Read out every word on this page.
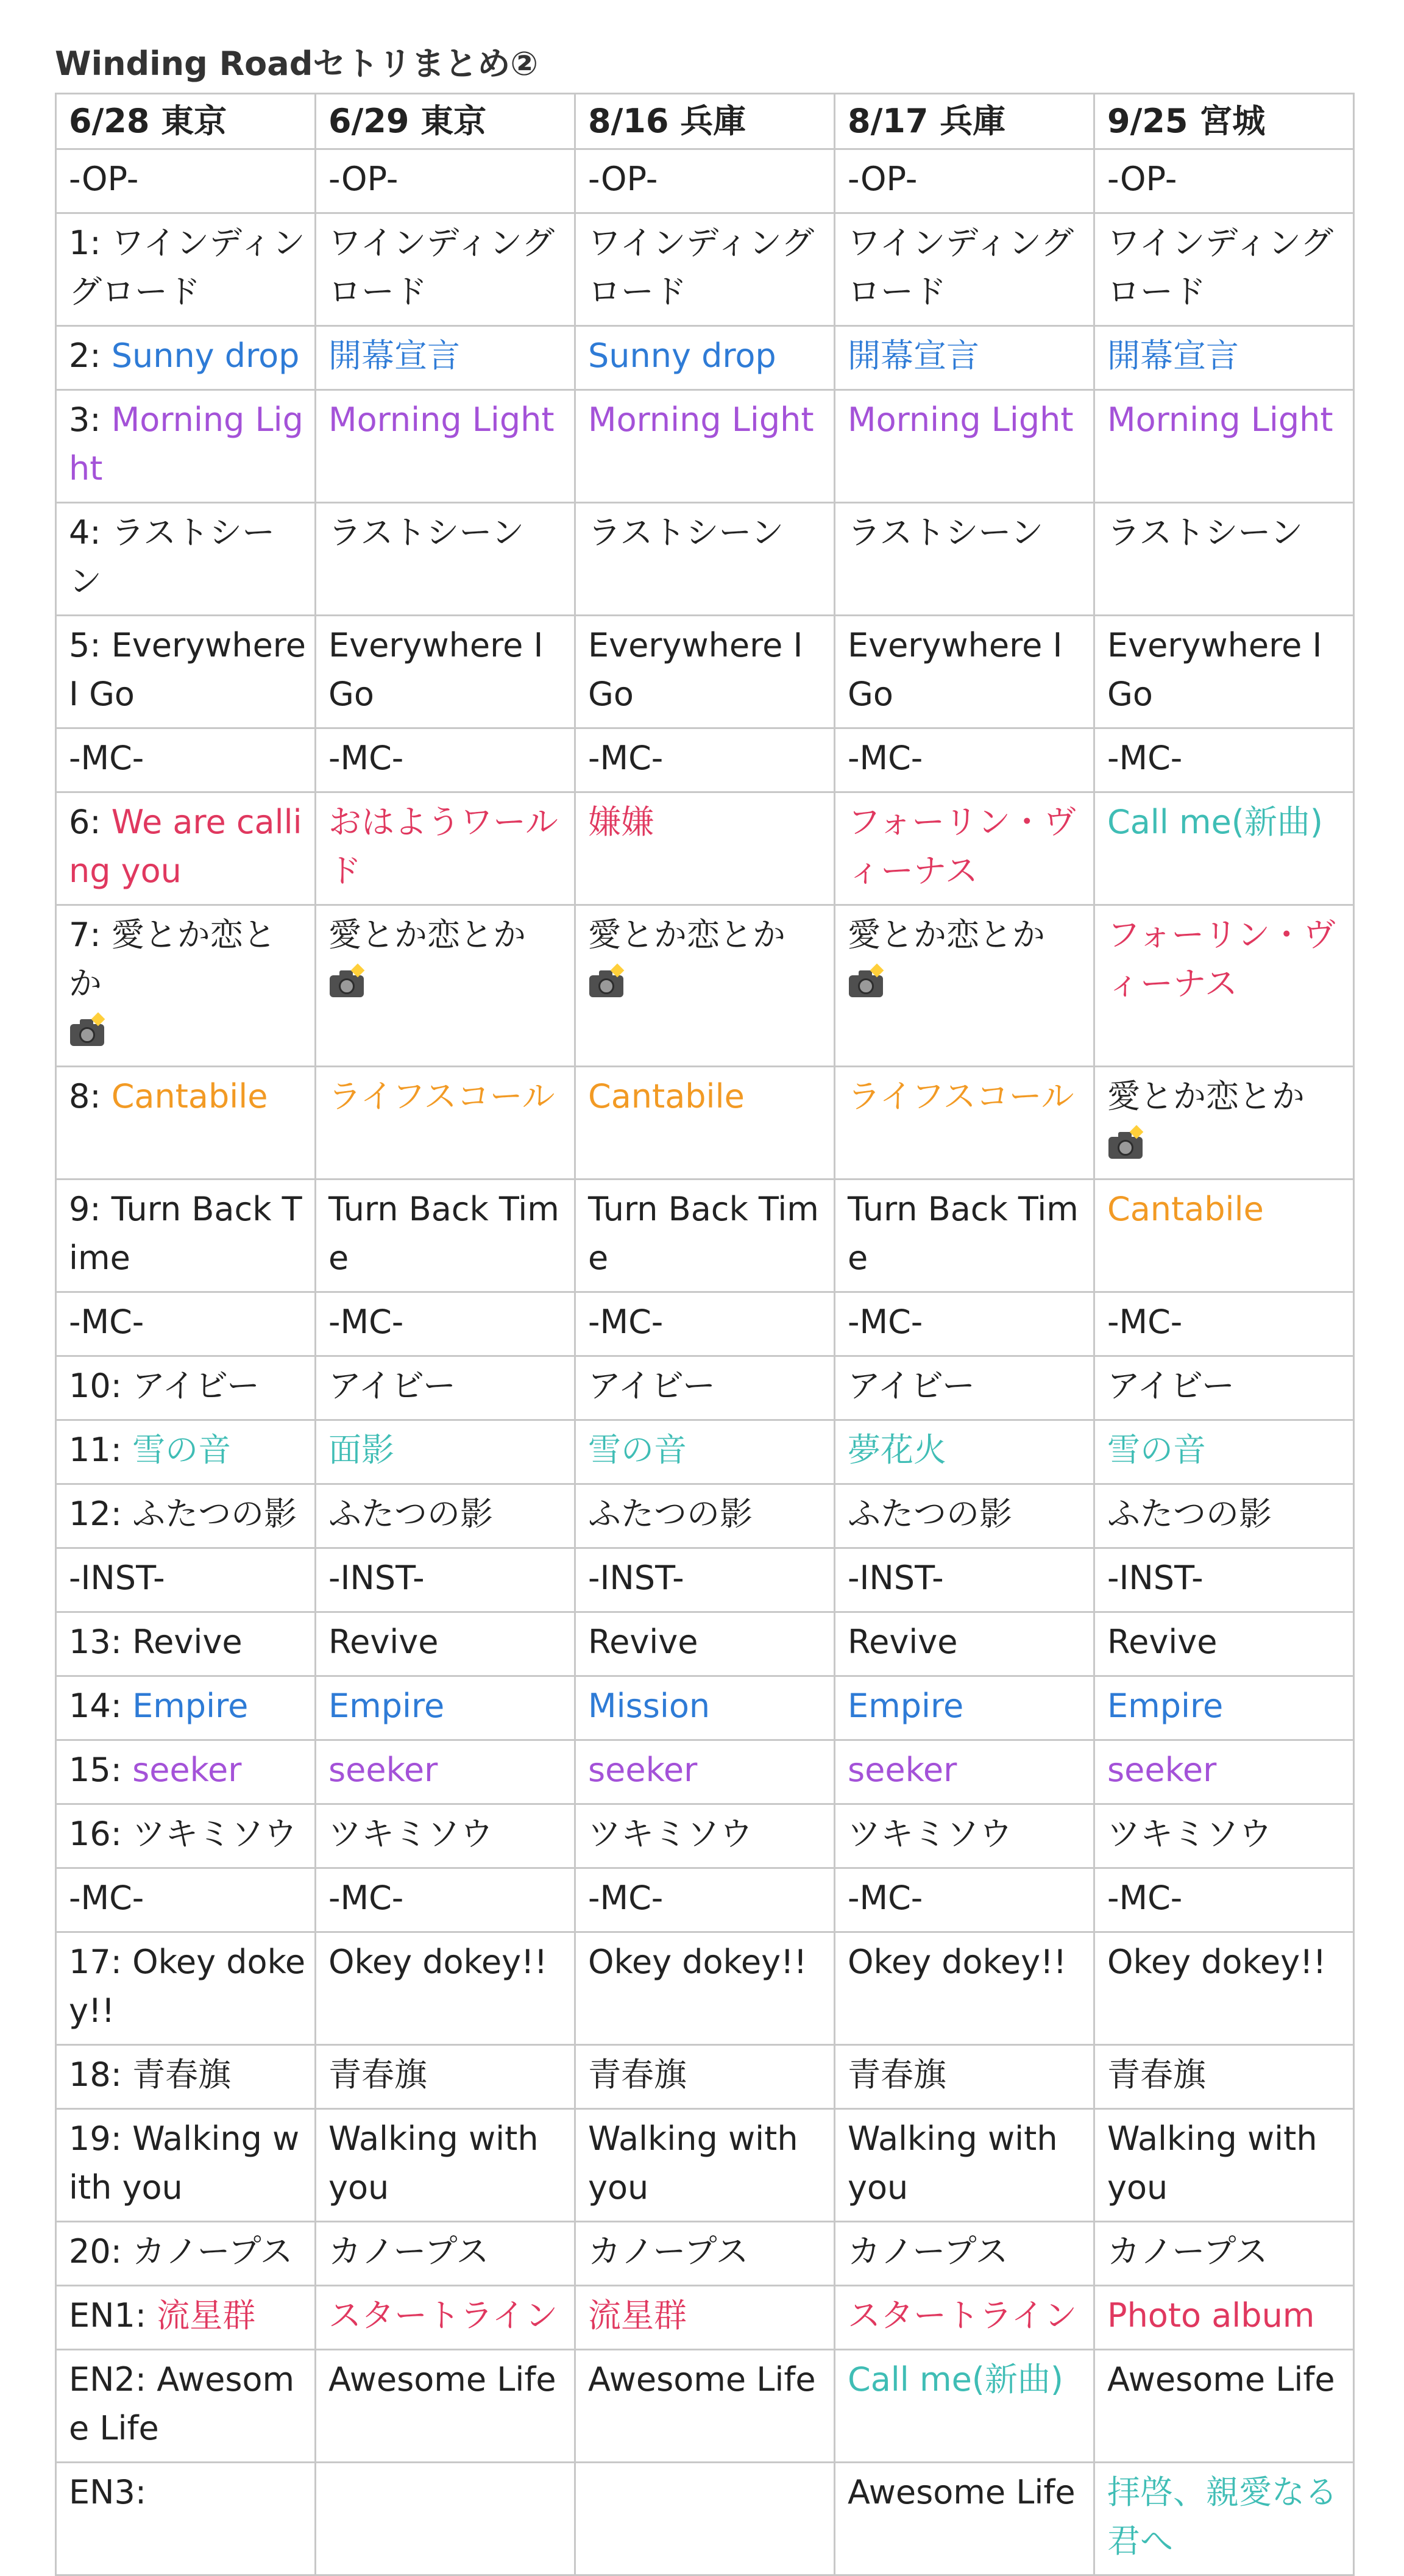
Winding Roadセトリまとめ②
6/28 東京	6/29 東京	8/16 兵庫	8/17 兵庫	9/25 宮城
-OP-	-OP-	-OP-	-OP-	-OP-
1: ワインディングロード	ワインディングロード	ワインディングロード	ワインディングロード	ワインディングロード
2: Sunny drop	開幕宣言	Sunny drop	開幕宣言	開幕宣言
3: Morning Light	Morning Light	Morning Light	Morning Light	Morning Light
4: ラストシーン	ラストシーン	ラストシーン	ラストシーン	ラストシーン
5: Everywhere I Go	Everywhere I Go	Everywhere I Go	Everywhere I Go	Everywhere I Go
-MC-	-MC-	-MC-	-MC-	-MC-
6: We are calling you	おはようワールド	嫌嫌	フォーリン・ヴィーナス	Call me(新曲)
7: 愛とか恋とか	愛とか恋とか	愛とか恋とか	愛とか恋とか	フォーリン・ヴィーナス
8: Cantabile	ライフスコール	Cantabile	ライフスコール	愛とか恋とか

9: Turn Back Time	Turn Back Time	Turn Back Time	Turn Back Time	Cantabile
-MC-	-MC-	-MC-	-MC-	-MC-
10: アイビー	アイビー	アイビー	アイビー	アイビー
11: 雪の音	面影	雪の音	夢花火	雪の音
12: ふたつの影	ふたつの影	ふたつの影	ふたつの影	ふたつの影
-INST-	-INST-	-INST-	-INST-	-INST-
13: Revive	Revive	Revive	Revive	Revive
14: Empire	Empire	Mission	Empire	Empire
15: seeker	seeker	seeker	seeker	seeker
16: ツキミソウ	ツキミソウ	ツキミソウ	ツキミソウ	ツキミソウ
-MC-	-MC-	-MC-	-MC-	-MC-
17: Okey dokey!!	Okey dokey!!	Okey dokey!!	Okey dokey!!	Okey dokey!!
18: 青春旗	青春旗	青春旗	青春旗	青春旗
19: Walking with you	Walking with you	Walking with you	Walking with you	Walking with you
20: カノープス	カノープス	カノープス	カノープス	カノープス
EN1: 流星群	スタートライン	流星群	スタートライン	Photo album
EN2: Awesome Life	Awesome Life	Awesome Life	Call me(新曲)	Awesome Life
EN3:			Awesome Life	拝啓、親愛なる君へ
